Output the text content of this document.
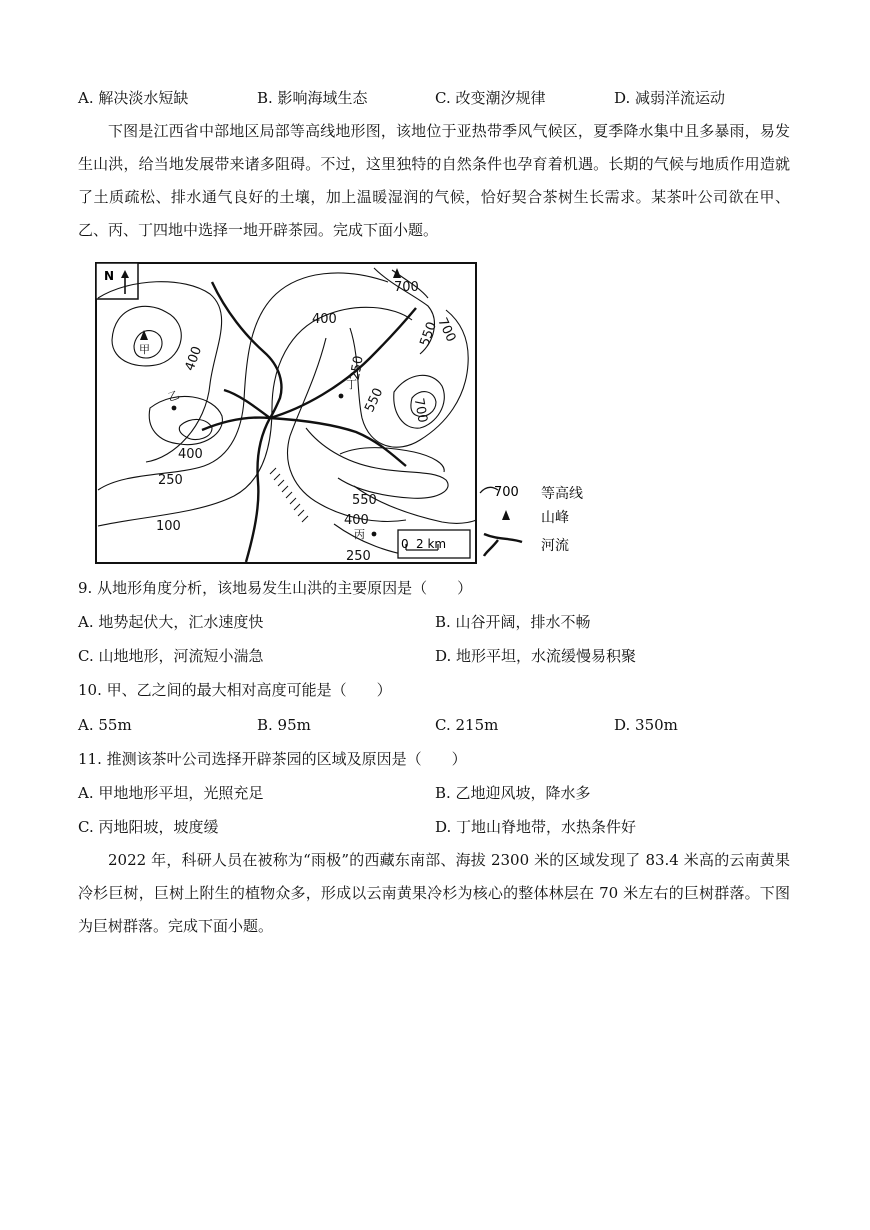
A. 解决淡水短缺	B. 影响海域生态	C. 改变潮汐规律	D. 减弱洋流运动
下图是江西省中部地区局部等高线地形图，该地位于亚热带季风气候区，夏季降水集中且多暴雨，易发生山洪，给当地发展带来诸多阻碍。不过，这里独特的自然条件也孕育着机遇。长期的气候与地质作用造就了土质疏松、排水通气良好的土壤，加上温暖湿润的气候，恰好契合茶树生长需求。某茶叶公司欲在甲、乙、丙、丁四地中选择一地开辟茶园。完成下面小题。
N
700
400
550
700
400	250
550 700
400
250
100
550
400
250
甲
乙
丁
丙
0 2 km
700 等高线
山峰
河流
9. 从地形角度分析，该地易发生山洪的主要原因是（　　）
A. 地势起伏大，汇水速度快	B. 山谷开阔，排水不畅
C. 山地地形，河流短小湍急	D. 地形平坦，水流缓慢易积聚
10. 甲、乙之间的最大相对高度可能是（　　）
A. 55m	B. 95m	C. 215m	D. 350m
11. 推测该茶叶公司选择开辟茶园的区域及原因是（　　）
A. 甲地地形平坦，光照充足	B. 乙地迎风坡，降水多
C. 丙地阳坡，坡度缓	D. 丁地山脊地带，水热条件好
2022 年，科研人员在被称为“雨极”的西藏东南部、海拔 2300 米的区域发现了 83.4 米高的云南黄果冷杉巨树，巨树上附生的植物众多，形成以云南黄果冷杉为核心的整体林层在 70 米左右的巨树群落。下图为巨树群落。完成下面小题。
